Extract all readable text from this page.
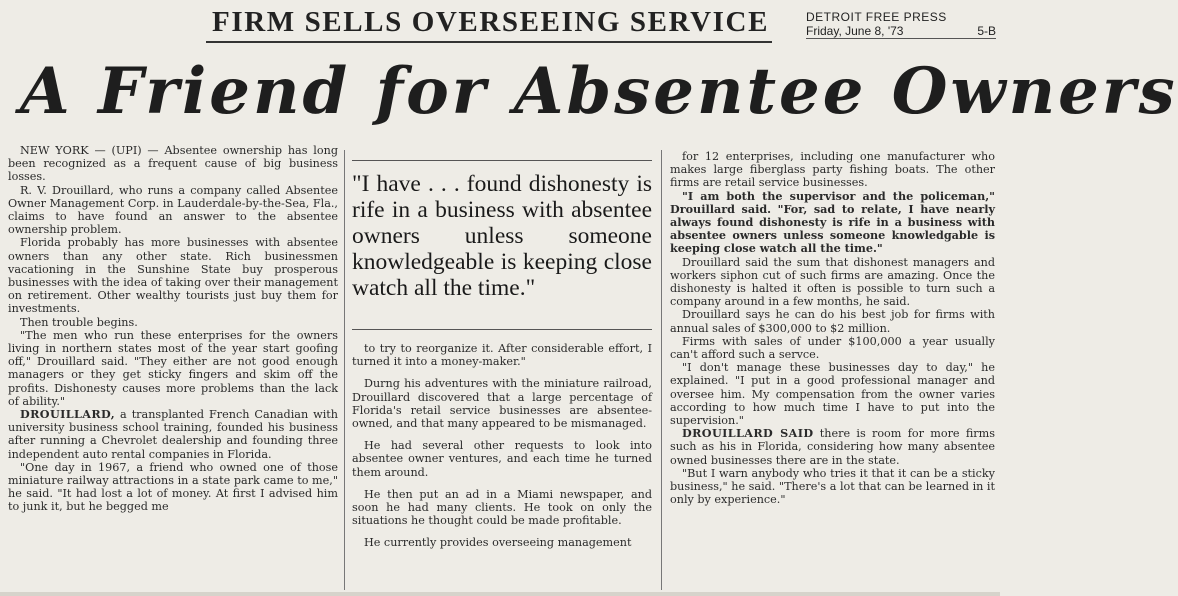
FIRM SELLS OVERSEEING SERVICE	DETROIT FREE PRESS
Friday, June 8, '73	5-B
A Friend for Absentee Owners

NEW YORK — (UPI) — Absentee ownership has long been recognized as a frequent cause of big business losses.

R. V. Drouillard, who runs a company called Absentee Owner Management Corp. in Lauderdale-by-the-Sea, Fla., claims to have found an answer to the absentee ownership problem.

Florida probably has more businesses with absentee owners than any other state. Rich businessmen vacationing in the Sunshine State buy prosperous businesses with the idea of taking over their management on retirement. Other wealthy tourists just buy them for investments.

Then trouble begins.

"The men who run these enterprises for the owners living in northern states most of the year start goofing off," Drouillard said. "They either are not good enough managers or they get sticky fingers and skim off the profits. Dishonesty causes more problems than the lack of ability."

DROUILLARD, a transplanted French Canadian with university business school training, founded his business after running a Chevrolet dealership and founding three independent auto rental companies in Florida.

"One day in 1967, a friend who owned one of those miniature railway attractions in a state park came to me," he said. "It had lost a lot of money. At first I advised him to junk it, but he begged me

"I have . . . found dishonesty is rife in a business with absentee owners unless someone knowledgeable is keeping close watch all the time."

to try to reorganize it. After considerable effort, I turned it into a money-maker."

Durng his adventures with the miniature railroad, Drouillard discovered that a large percentage of Florida's retail service businesses are absentee-owned, and that many appeared to be mismanaged.

He had several other requests to look into absentee owner ventures, and each time he turned them around.

He then put an ad in a Miami newspaper, and soon he had many clients. He took on only the situations he thought could be made profitable.

He currently provides overseeing management

for 12 enterprises, including one manufacturer who makes large fiberglass party fishing boats. The other firms are retail service businesses.

"I am both the supervisor and the policeman," Drouillard said. "For, sad to relate, I have nearly always found dishonesty is rife in a business with absentee owners unless someone knowledgable is keeping close watch all the time."

Drouillard said the sum that dishonest managers and workers siphon cut of such firms are amazing. Once the dishonesty is halted it often is possible to turn such a company around in a few months, he said.

Drouillard says he can do his best job for firms with annual sales of $300,000 to $2 million.

Firms with sales of under $100,000 a year usually can't afford such a servce.

"I don't manage these businesses day to day," he explained. "I put in a good professional manager and oversee him. My compensation from the owner varies according to how much time I have to put into the supervision."

DROUILLARD SAID there is room for more firms such as his in Florida, considering how many absentee owned businesses there are in the state.

"But I warn anybody who tries it that it can be a sticky business," he said. "There's a lot that can be learned in it only by experience."
